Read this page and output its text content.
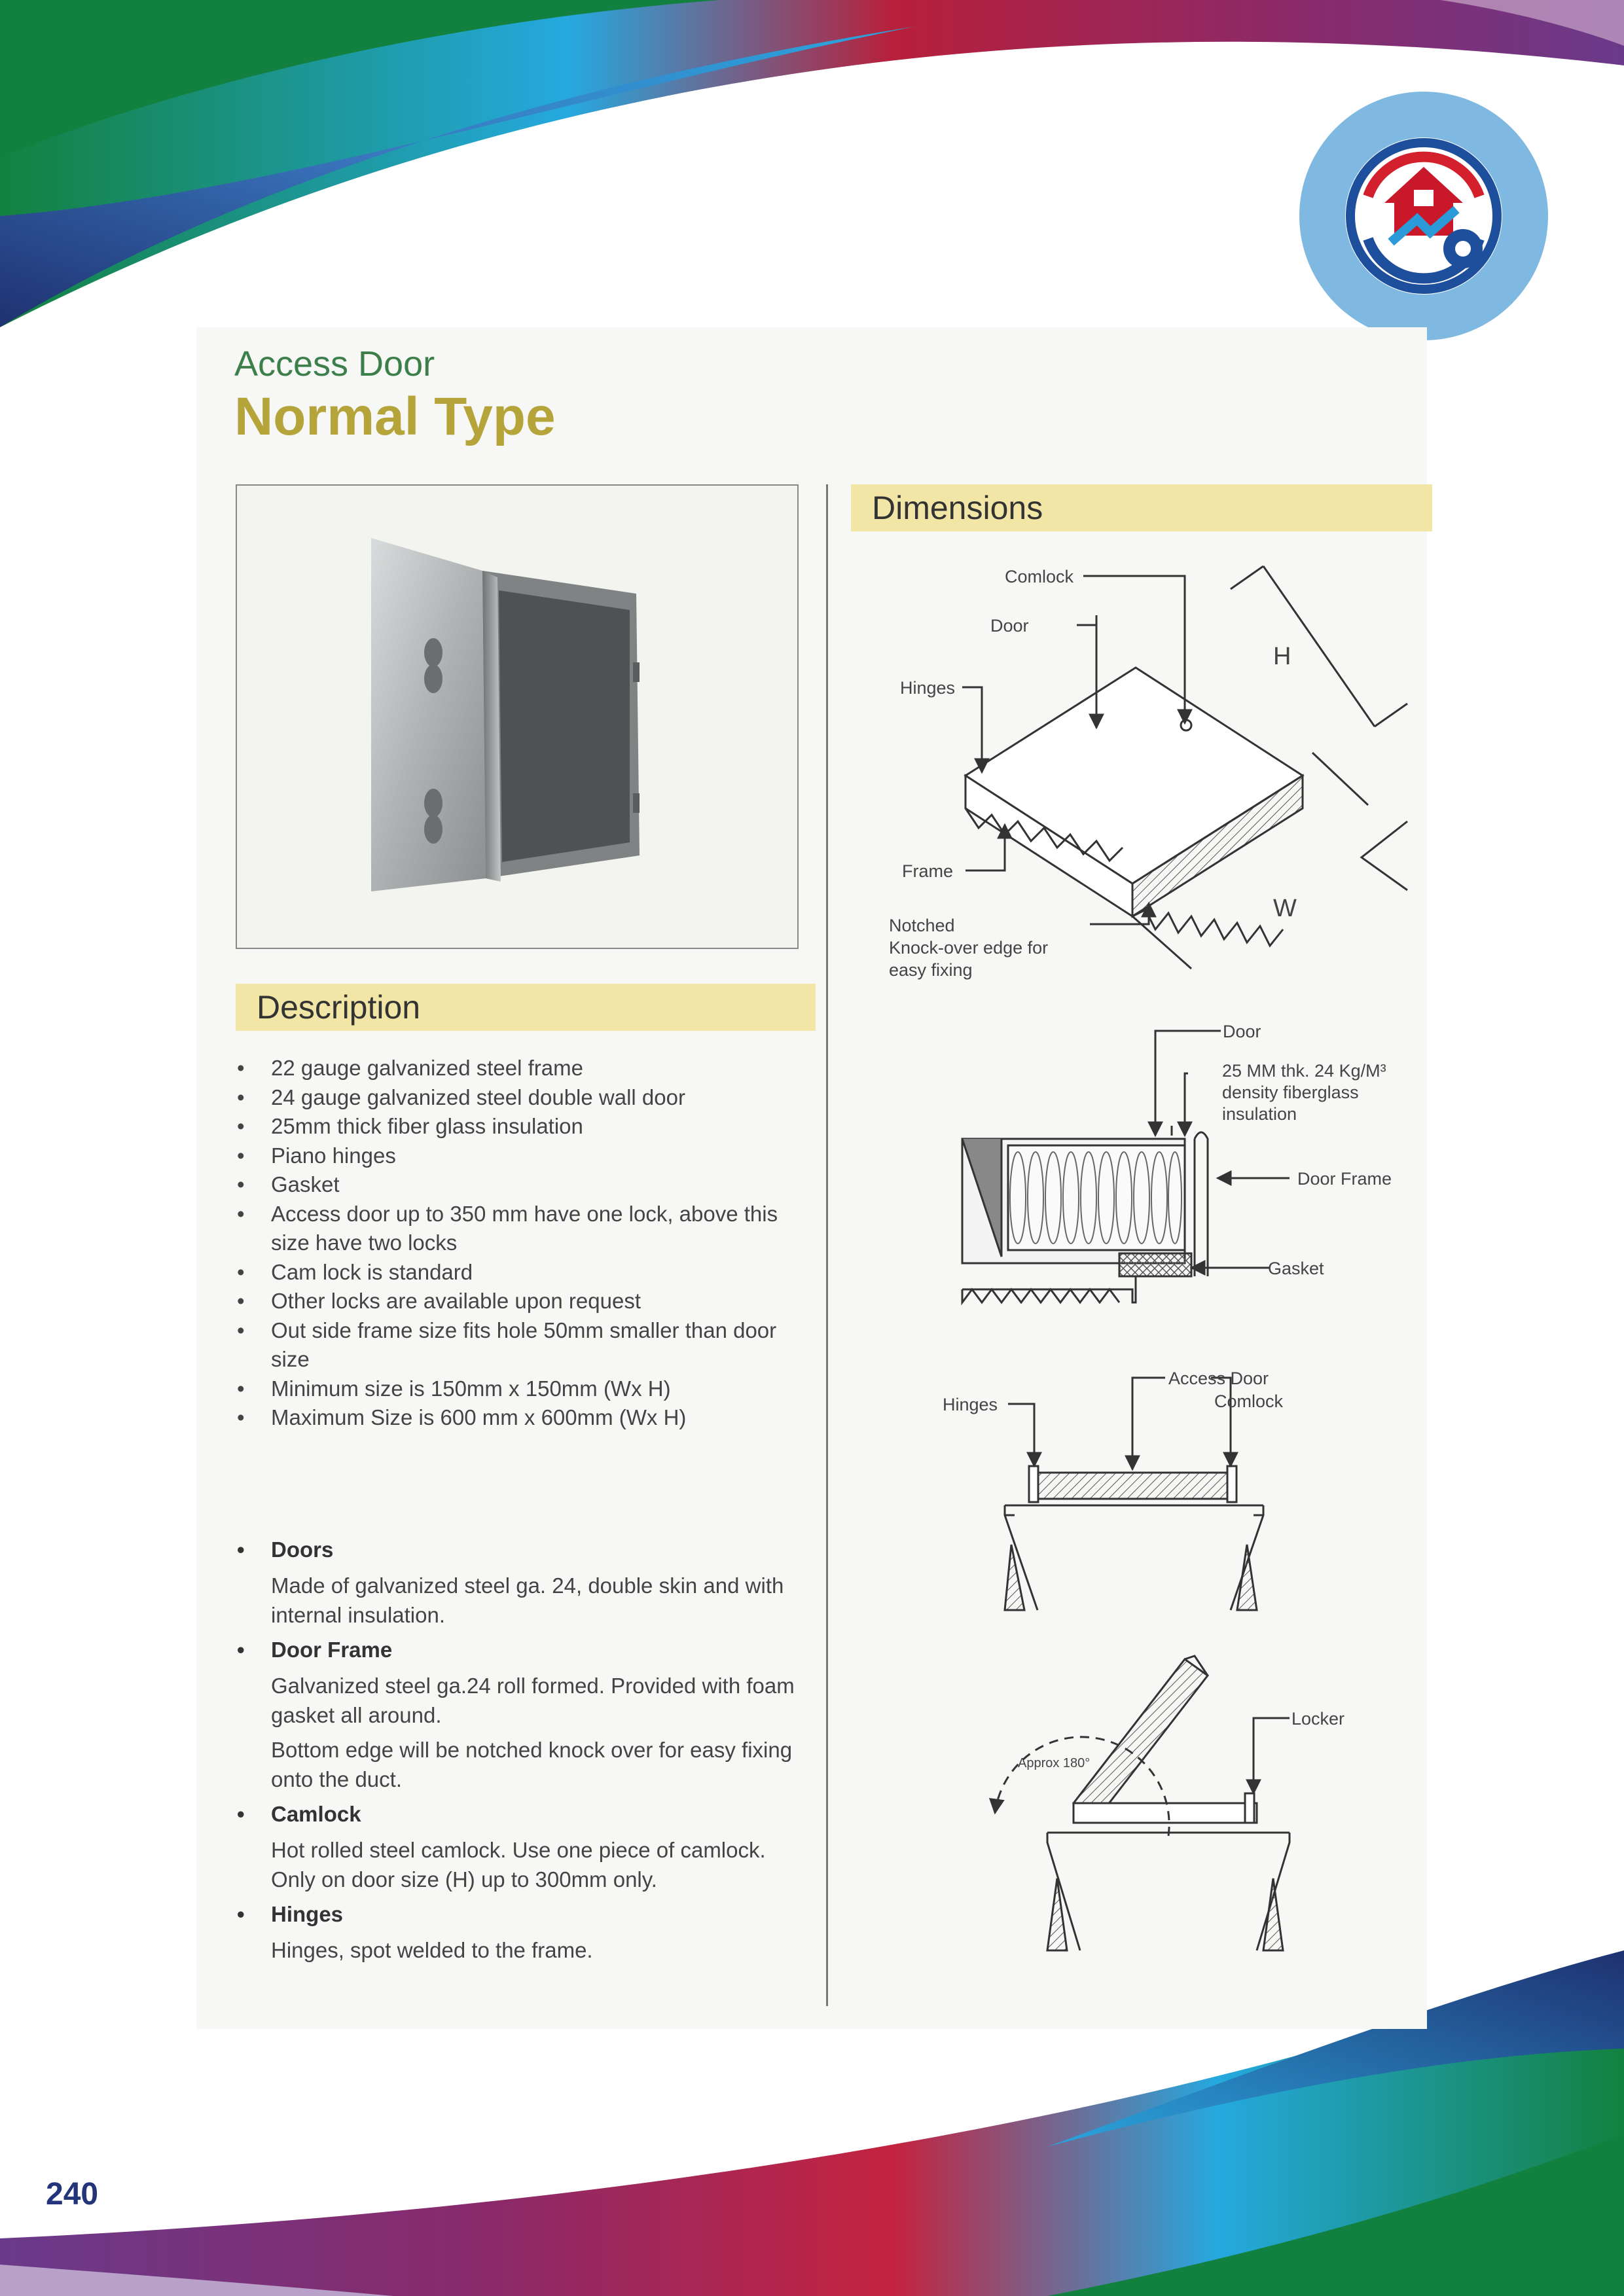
Access Door
Normal Type
Description
• 22 gauge galvanized steel frame
• 24 gauge galvanized steel double wall door
• 25mm thick fiber glass insulation
• Piano hinges
• Gasket
• Access door up to 350 mm have one lock, above this size have two locks
• Cam lock is standard
• Other locks are available upon request
• Out side frame size fits hole 50mm smaller than door size
• Minimum size is 150mm x 150mm (Wx H)
• Maximum Size is 600 mm x 600mm (Wx H)
• Doors
Made of galvanized steel ga. 24, double skin and with internal insulation.
• Door Frame
Galvanized steel ga.24 roll formed. Provided with foam gasket all around.
Bottom edge will be notched knock over for easy fixing onto the duct.
• Camlock
Hot rolled steel camlock. Use one piece of camlock. Only on door size (H) up to 300mm only.
• Hinges
Hinges, spot welded to the frame.
Dimensions
Comlock
Door
Hinges
Frame
H
W
Notched
Knock-over edge for
easy fixing
Door
25 MM thk. 24 Kg/M³
density fiberglass
insulation
Door Frame
Gasket
Access Door
Hinges	Comlock
Locker
Approx 180°
240
